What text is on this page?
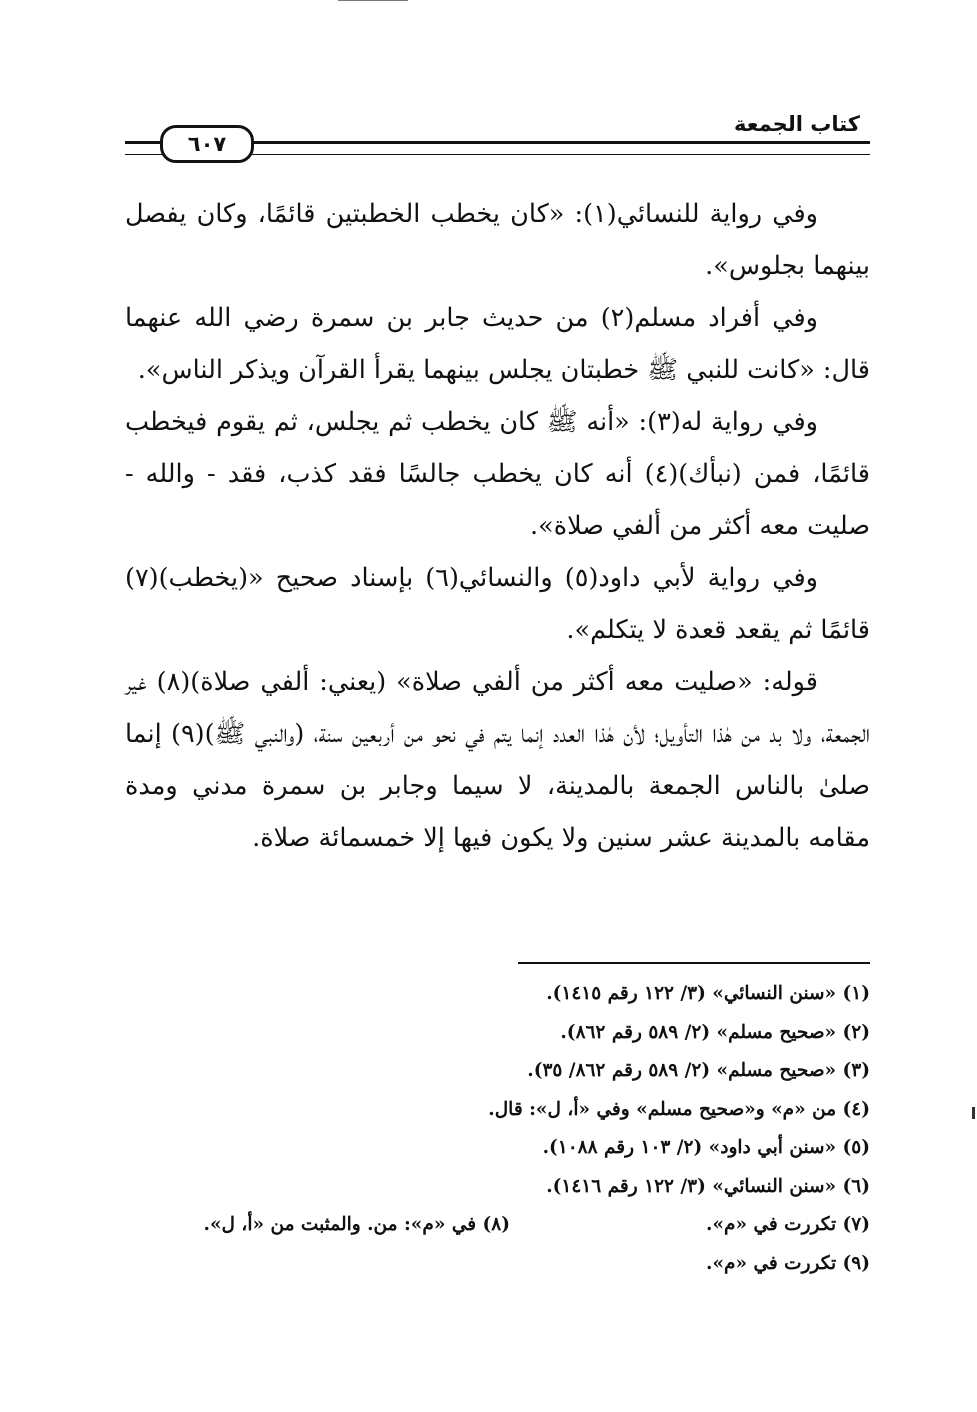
كتاب الجمعة
٦٠٧

وفي رواية للنسائي(١): «كان يخطب الخطبتين قائمًا، وكان يفصل بينهما بجلوس».

وفي أفراد مسلم(٢) من حديث جابر بن سمرة رضي الله عنهما قال: «كانت للنبي ﷺ خطبتان يجلس بينهما يقرأ القرآن ويذكر الناس».

وفي رواية له(٣): «أنه ﷺ كان يخطب ثم يجلس، ثم يقوم فيخطب قائمًا، فمن (نبأك)(٤) أنه كان يخطب جالسًا فقد كذب، فقد - والله - صليت معه أكثر من ألفي صلاة».

وفي رواية لأبي داود(٥) والنسائي(٦) بإسناد صحيح «(يخطب)(٧) قائمًا ثم يقعد قعدة لا يتكلم».

قوله: «صليت معه أكثر من ألفي صلاة» (يعني: ألفي صلاة)(٨) غير الجمعة، ولا بد من هٰذا التأويل؛ لأن هٰذا العدد إنما يتم في نحو من أربعين سنة، (والنبي ﷺ)(٩) إنما صلىٰ بالناس الجمعة بالمدينة، لا سيما وجابر بن سمرة مدني ومدة مقامه بالمدينة عشر سنين ولا يكون فيها إلا خمسمائة صلاة.

(١) «سنن النسائي» (٣/ ١٢٢ رقم ١٤١٥).
(٢) «صحيح مسلم» (٢/ ٥٨٩ رقم ٨٦٢).
(٣) «صحيح مسلم» (٢/ ٥٨٩ رقم ٨٦٢/ ٣٥).
(٤) من «م» و«صحيح مسلم» وفي «أ، ل»: قال.
(٥) «سنن أبي داود» (٢/ ١٠٣ رقم ١٠٨٨).
(٦) «سنن النسائي» (٣/ ١٢٢ رقم ١٤١٦).
(٧) تكررت في «م».
(٨) في «م»: من. والمثبت من «أ، ل».
(٩) تكررت في «م».
